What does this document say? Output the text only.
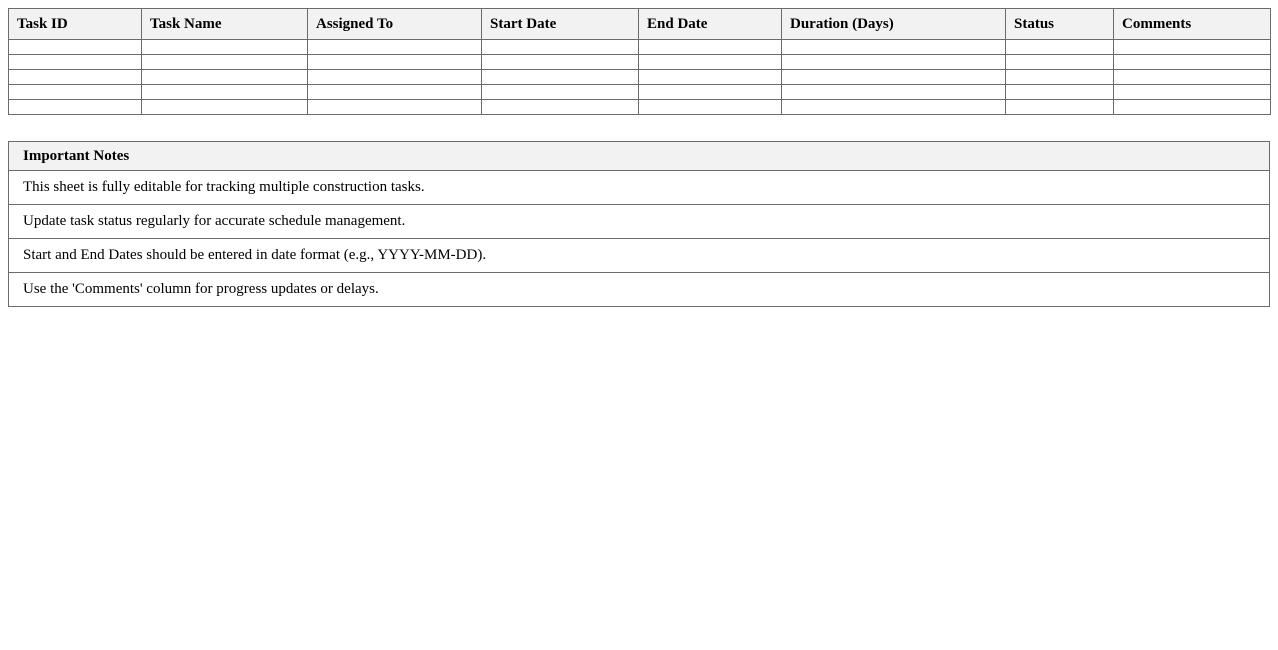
Task ID	Task Name	Assigned To	Start Date	End Date	Duration (Days)	Status	Comments

Important Notes
This sheet is fully editable for tracking multiple construction tasks.
Update task status regularly for accurate schedule management.
Start and End Dates should be entered in date format (e.g., YYYY-MM-DD).
Use the 'Comments' column for progress updates or delays.
